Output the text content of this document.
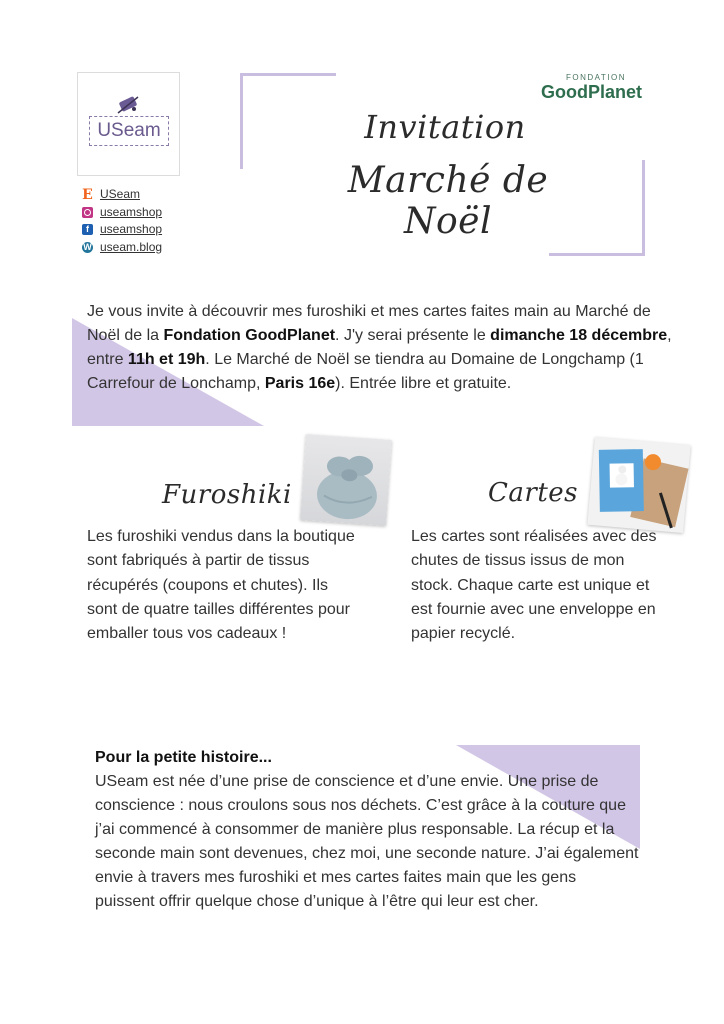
USeam
E USeam
useamshop
f useamshop
W useam.blog
Invitation
Marché de Noël
FONDATION
GoodPlanet
Je vous invite à découvrir mes furoshiki et mes cartes faites main au Marché de Noël de la Fondation GoodPlanet. J'y serai présente le dimanche 18 décembre, entre 11h et 19h. Le Marché de Noël se tiendra au Domaine de Longchamp (1 Carrefour de Lonchamp, Paris 16e). Entrée libre et gratuite.
Furoshiki	Cartes
Les furoshiki vendus dans la boutique sont fabriqués à partir de tissus récupérés (coupons et chutes). Ils sont de quatre tailles différentes pour emballer tous vos cadeaux !
Les cartes sont réalisées avec des chutes de tissus issus de mon stock. Chaque carte est unique et est fournie avec une enveloppe en papier recyclé.
Pour la petite histoire...
USeam est née d’une prise de conscience et d’une envie. Une prise de conscience : nous croulons sous nos déchets. C’est grâce à la couture que j’ai commencé à consommer de manière plus responsable. La récup et la seconde main sont devenues, chez moi, une seconde nature. J’ai également envie à travers mes furoshiki et mes cartes faites main que les gens puissent offrir quelque chose d’unique à l’être qui leur est cher.
